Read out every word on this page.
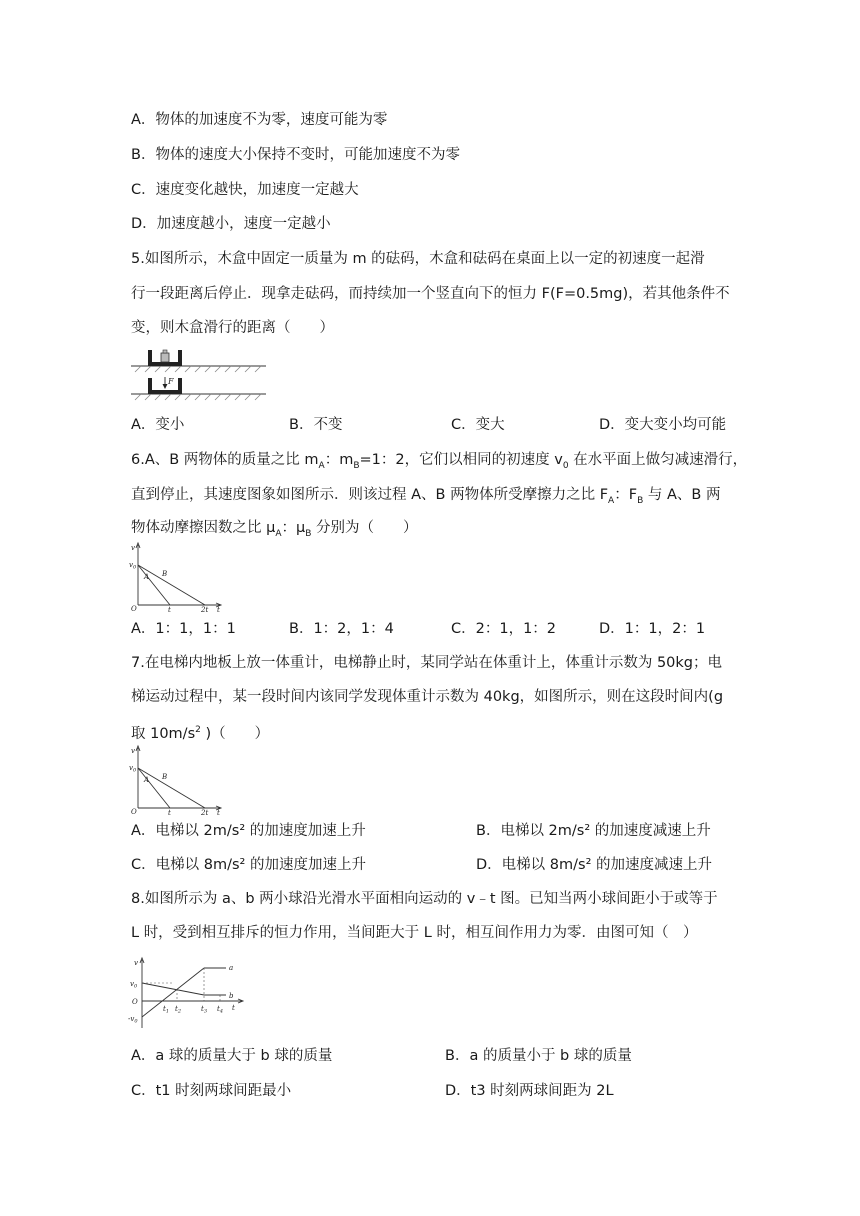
A．物体的加速度不为零，速度可能为零
B．物体的速度大小保持不变时，可能加速度不为零
C．速度变化越快，加速度一定越大
D．加速度越小，速度一定越小
5.如图所示，木盒中固定一质量为 m 的砝码，木盒和砝码在桌面上以一定的初速度一起滑
行一段距离后停止．现拿走砝码，而持续加一个竖直向下的恒力 F(F=0.5mg)，若其他条件不
变，则木盒滑行的距离（　　）
F
A．变小	B．不变	C．变大	D．变大变小均可能
6.A、B 两物体的质量之比 $m_A$：$m_B=1$：2，它们以相同的初速度 $v_0$ 在水平面上做匀减速滑行，
直到停止，其速度图象如图所示．则该过程 A、B 两物体所受摩擦力之比 $F_A$：$F_B$ 与 A、B 两
物体动摩擦因数之比 $\mu_A$：$\mu_B$ 分别为（　　）
v
$v_0$
A B
O	t	2t t
A．1：1，1：1	B．1：2，1：4	C．2：1，1：2	D．1：1，2：1
7.在电梯内地板上放一体重计，电梯静止时，某同学站在体重计上，体重计示数为 50kg；电
梯运动过程中，某一段时间内该同学发现体重计示数为 40kg，如图所示，则在这段时间内(g
取 $10m/s^2$ )（　　）
v
$v_0$
A B
O	t	2t t
A．电梯以 2m/s² 的加速度加速上升	B．电梯以 2m/s² 的加速度减速上升
C．电梯以 8m/s² 的加速度加速上升	D．电梯以 8m/s² 的加速度减速上升
8.如图所示为 a、b 两小球沿光滑水平面相向运动的 v﹣t 图。已知当两小球间距小于或等于
L 时，受到相互排斥的恒力作用，当间距大于 L 时，相互间作用力为零．由图可知（　）
v
$v_0$
O
$-v_0$
$t_1$ $t_2$	$t_3$ $t_4$ t
a
b
A．a 球的质量大于 b 球的质量	B．a 的质量小于 b 球的质量
C．t1 时刻两球间距最小	D．t3 时刻两球间距为 2L
